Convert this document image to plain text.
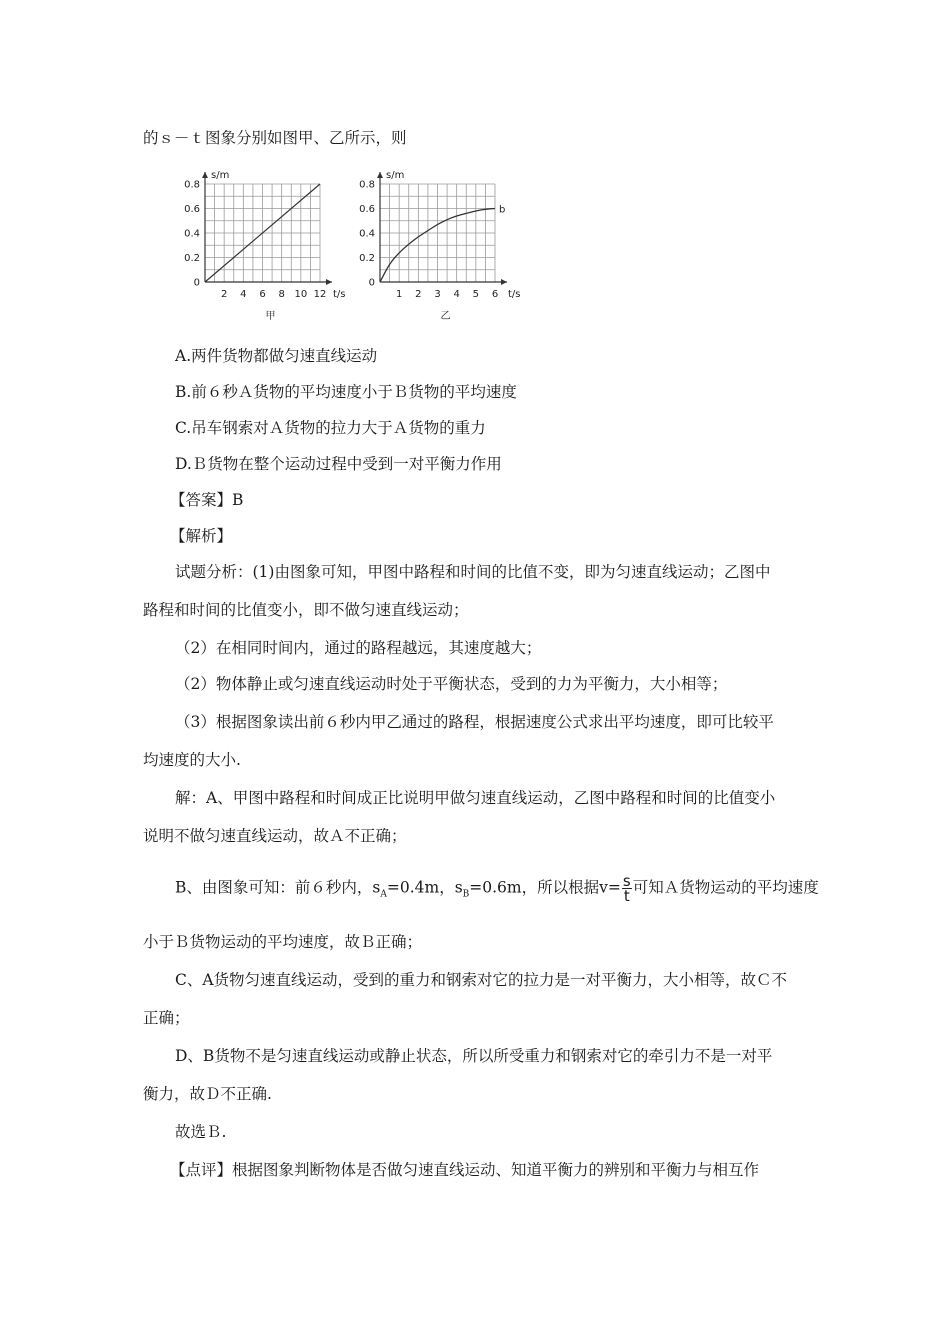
的ｓ－ｔ图象分别如图甲、乙所示，则
0
0.2
0.4
0.6
0.8
2 4 6 8 10 12
s/m
t/s
甲
0
0.2
0.4
0.6
0.8
1 2 3 4 5 6
s/m
t/s
乙
b
A.两件货物都做匀速直线运动
B.前６秒Ａ货物的平均速度小于Ｂ货物的平均速度
C.吊车钢索对Ａ货物的拉力大于Ａ货物的重力
D.Ｂ货物在整个运动过程中受到一对平衡力作用
【答案】B
【解析】
试题分析：(1)由图象可知，甲图中路程和时间的比值不变，即为匀速直线运动；乙图中
路程和时间的比值变小，即不做匀速直线运动；
（2）在相同时间内，通过的路程越远，其速度越大；
（2）物体静止或匀速直线运动时处于平衡状态，受到的力为平衡力，大小相等；
（3）根据图象读出前６秒内甲乙通过的路程，根据速度公式求出平均速度，即可比较平
均速度的大小.
解：A、甲图中路程和时间成正比说明甲做匀速直线运动，乙图中路程和时间的比值变小
说明不做匀速直线运动，故Ａ不正确；
B、由图象可知：前６秒内，$s_A=0.4m$，$s_B=0.6m$，所以根据$v= \frac{s}{t}$ 可知Ａ货物运动的平均速度
小于Ｂ货物运动的平均速度，故Ｂ正确；
C、A货物匀速直线运动，受到的重力和钢索对它的拉力是一对平衡力，大小相等，故Ｃ不
正确；
D、B货物不是匀速直线运动或静止状态，所以所受重力和钢索对它的牵引力不是一对平
衡力，故Ｄ不正确.
故选Ｂ.
【点评】根据图象判断物体是否做匀速直线运动、知道平衡力的辨别和平衡力与相互作
